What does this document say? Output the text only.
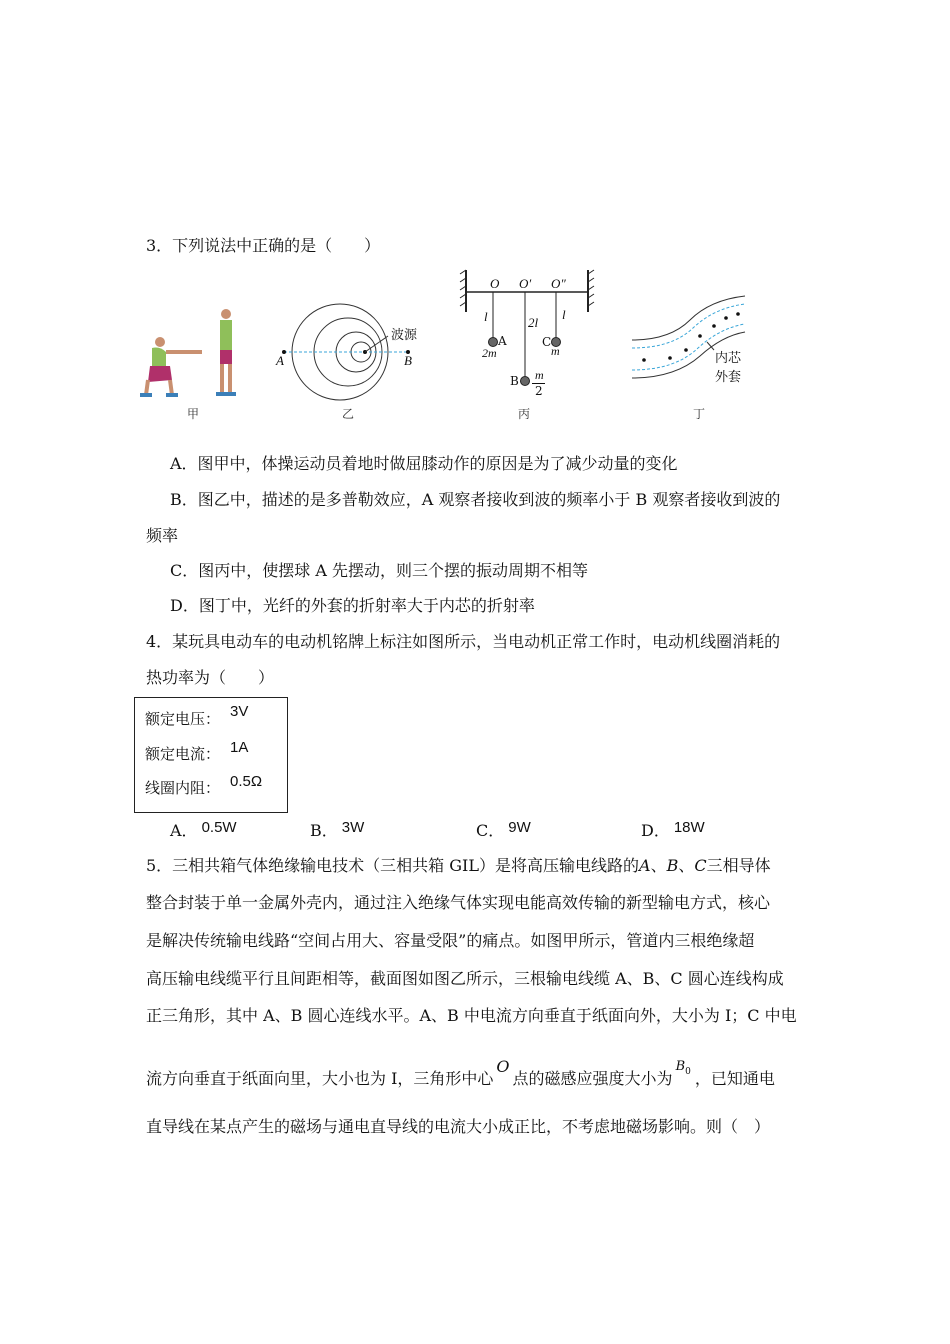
3．下列说法中正确的是（　　）
甲
波源
A	B
乙
O O′ O″
l	2l
l
A
2m
B m
2
C
m
丙
内芯
外套
丁
A．图甲中，体操运动员着地时做屈膝动作的原因是为了减少动量的变化
B．图乙中，描述的是多普勒效应，A 观察者接收到波的频率小于 B 观察者接收到波的
频率
C．图丙中，使摆球 A 先摆动，则三个摆的振动周期不相等
D．图丁中，光纤的外套的折射率大于内芯的折射率
4．某玩具电动车的电动机铭牌上标注如图所示，当电动机正常工作时，电动机线圈消耗的
热功率为（　　）
额定电压： 3V
额定电流： 1A
线圈内阻： 0.5Ω
A． 0.5W	B． 3W	C． 9W	D． 18W
5．三相共箱气体绝缘输电技术（三相共箱 GIL）是将高压输电线路的A、B、C三相导体
整合封装于单一金属外壳内，通过注入绝缘气体实现电能高效传输的新型输电方式，核心
是解决传统输电线路“空间占用大、容量受限”的痛点。如图甲所示，管道内三根绝缘超
高压输电线缆平行且间距相等，截面图如图乙所示，三根输电线缆 A、B、C 圆心连线构成
正三角形，其中 A、B 圆心连线水平。A、B 中电流方向垂直于纸面向外，大小为 I；C 中电
流方向垂直于纸面向里，大小也为 I，三角形中心O点的磁感应强度大小为$^{B0}$ ，已知通电
直导线在某点产生的磁场与通电直导线的电流大小成正比，不考虑地磁场影响。则（　）
